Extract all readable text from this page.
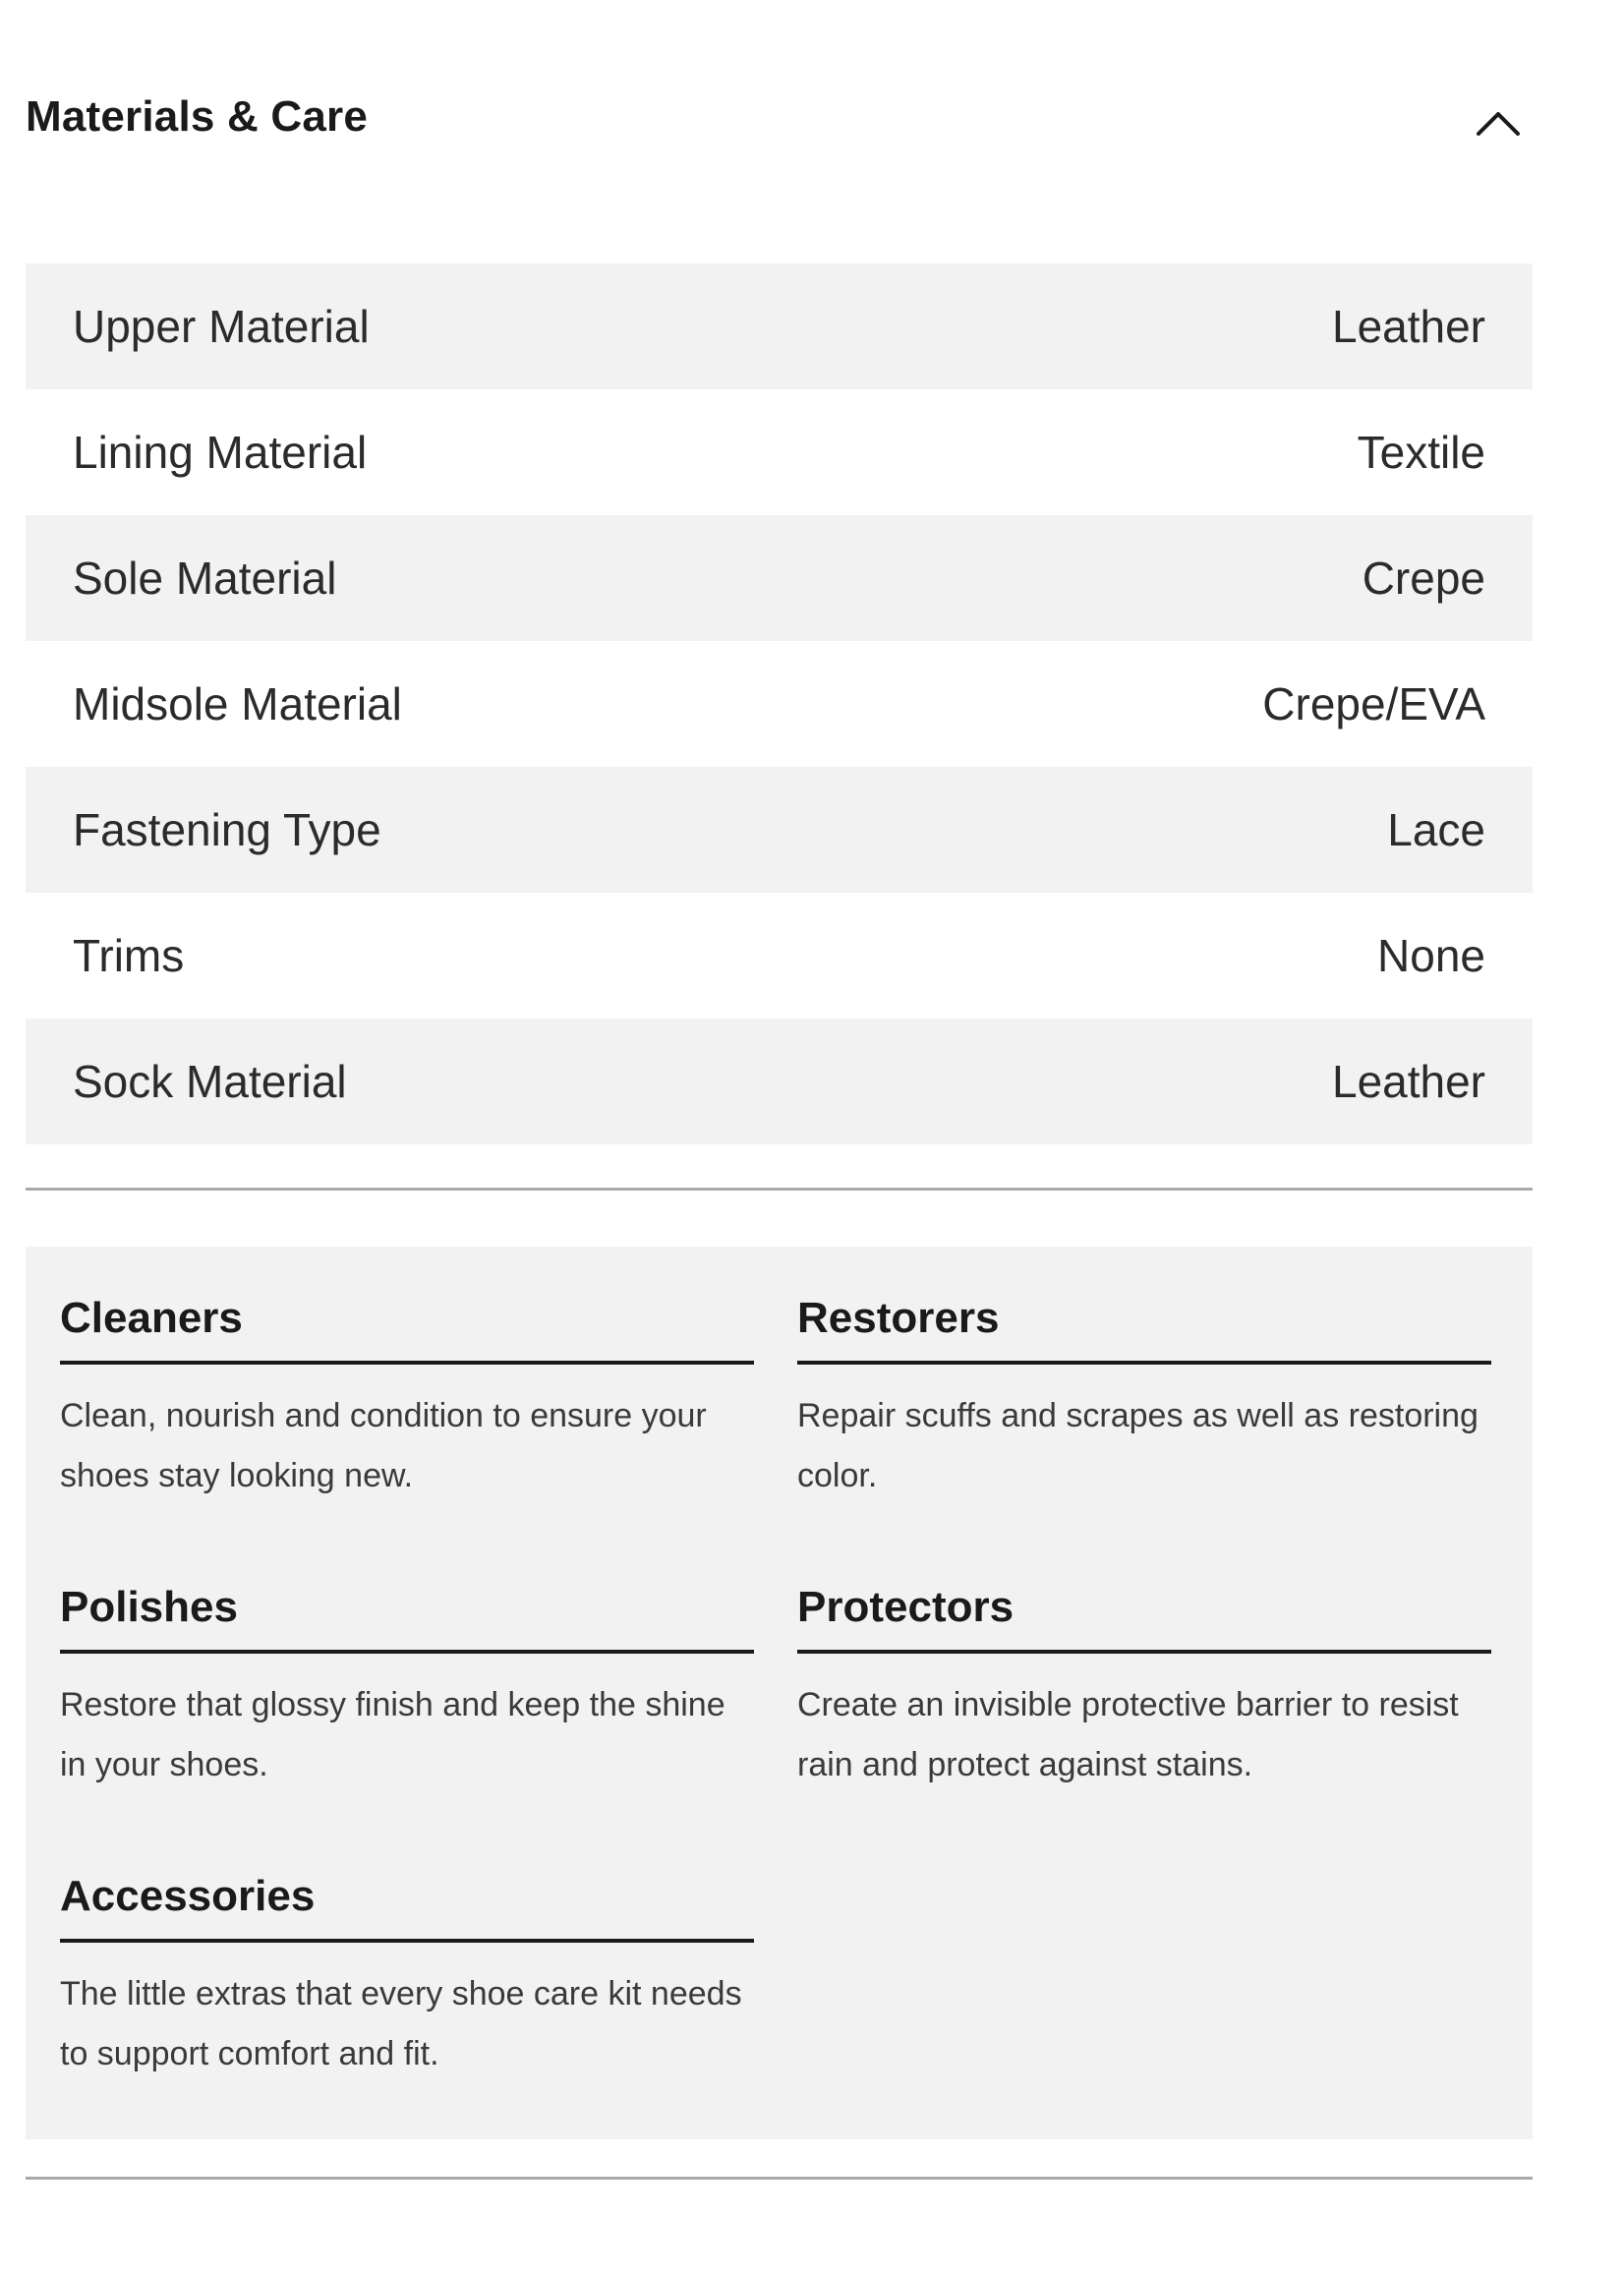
Materials & Care
Upper Material	Leather
Lining Material	Textile
Sole Material	Crepe
Midsole Material	Crepe/EVA
Fastening Type	Lace
Trims	None
Sock Material	Leather
Cleaners
Clean, nourish and condition to ensure your shoes stay looking new.
Restorers
Repair scuffs and scrapes as well as restoring color.
Polishes
Restore that glossy finish and keep the shine in your shoes.
Protectors
Create an invisible protective barrier to resist rain and protect against stains.
Accessories
The little extras that every shoe care kit needs to support comfort and fit.
